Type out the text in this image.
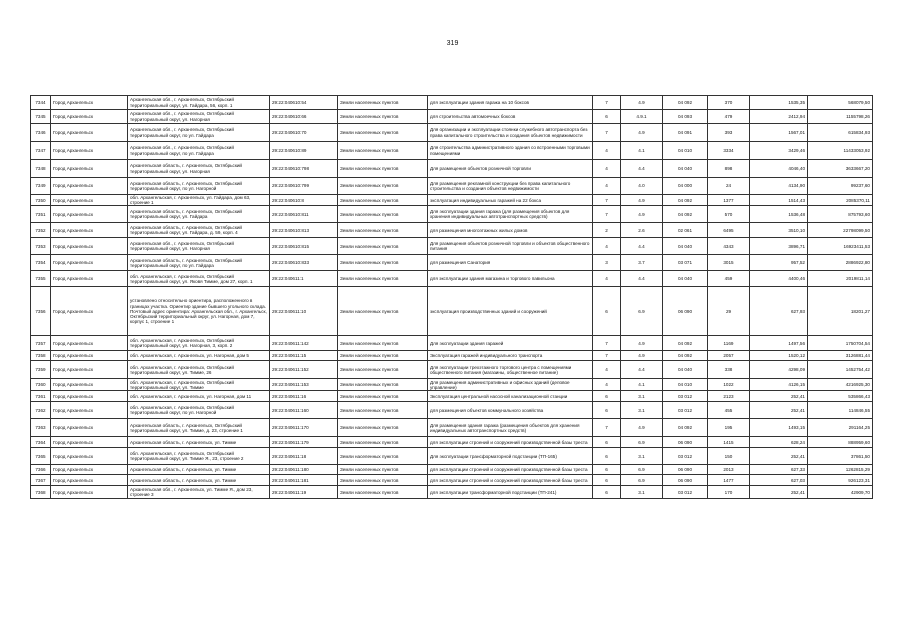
319
7344	Город Архангельск	Архангельская обл., г. Архангельск, Октябрьский территориальный округ, ул. Гайдара, 56, корп. 1	29:22:040610:54	Земли населенных пунктов	для эксплуатации здания гаража на 10 боксов	7	4.9	04 092	370	1535,35	568079,50
7345	Город Архангельск	Архангельская обл., г. Архангельск, Октябрьский территориальный округ, ул. Нагорная	29:22:040610:66	Земли населенных пунктов	для строительства автомоечных боксов	6	4.9.1	04 093	479	2412,94	1155798,26
7346	Город Архангельск	Архангельская обл., г. Архангельск, Октябрьский территориальный округ, по ул. Гайдара	29:22:040610:70	Земли населенных пунктов	Для организации и эксплуатации стоянки служебного автотранспорта без права капитального строительства и создания объектов недвижимости	7	4.9	04 091	393	1567,01	615834,93
7347	Город Архангельск	Архангельская обл., г. Архангельск, Октябрьский территориальный округ, по ул. Гайдара	29:22:040610:89	Земли населенных пунктов	Для строительства административного здания со встроенными торговыми помещениями	4	4.1	04 010	3334	3429,46	11433053,92
7348	Город Архангельск	Архангельская область, г. Архангельск, Октябрьский территориальный округ, ул. Нагорная	29:22:040610:798	Земли населенных пунктов	Для размещения объектов розничной торговли	4	4.4	04 040	898	4046,40	3633667,20
7349	Город Архангельск	Архангельская область, г. Архангельск, Октябрьский территориальный округ, по ул. Нагорной	29:22:040610:799	Земли населенных пунктов	Для размещения рекламной конструкции без права капитального строительства и создания объектов недвижимости	4	4.0	04 000	24	4134,90	99237,60
7350	Город Архангельск	обл. Архангельская, г. Архангельск, ул. Гайдара, дом 63, строение 1	29:22:040610:8	Земли населенных пунктов	эксплуатация индивидуальных гаражей на 22 бокса	7	4.9	04 092	1377	1514,43	2085370,11
7351	Город Архангельск	Архангельская область, г. Архангельск, Октябрьский территориальный округ, ул. Гайдара	29:22:040610:811	Земли населенных пунктов	Для эксплуатации здания гаража (для размещения объектов для хранения индивидуальных автотранспортных средств)	7	4.9	04 092	570	1536,48	875793,60
7352	Город Архангельск	Архангельская область, г. Архангельск, Октябрьский территориальный округ, ул. Гайдара, д. 59, корп. 4	29:22:040610:813	Земли населенных пунктов	для размещения многоэтажных жилых домов	2	2.6	02 061	6495	3510,10	22798099,50
7353	Город Архангельск	Архангельская обл., г. Архангельск, Октябрьский территориальный округ, ул. Нагорная	29:22:040610:815	Земли населенных пунктов	Для размещения объектов розничной торговли и объектов общественного питания	4	4.4	04 040	4343	3896,71	16923411,53
7354	Город Архангельск	Архангельская область, г. Архангельск, Октябрьский территориальный округ, по ул. Гайдара	29:22:040610:833	Земли населенных пунктов	для размещения Санатория	3	3.7	03 071	3015	957,52	2886922,80
7355	Город Архангельск	обл. Архангельская, г. Архангельск, Октябрьский территориальный округ, ул. Яковя Тимме, дом 27, корп. 1	29:22:040611:1	Земли населенных пунктов	для эксплуатации здания магазина и торгового павильона	4	4.4	04 040	459	4400,46	2019811,14
7356	Город Архангельск	установлено относительно ориентира, расположенного в границах участка. Ориентир здание бывшего угольного склада. Почтовый адрес ориентира: Архангельская обл., г. Архангельск, Октябрьский территориальный округ, ул. Нагорная, дом 7, корпус 1, строение 1	29:22:040611:10	Земли населенных пунктов	эксплуатация производственных зданий и сооружений	6	6.9	06 090	29	627,93	18201,27
7357	Город Архангельск	обл. Архангельская, г. Архангельск, Октябрьский территориальный округ, ул. Нагорная, 3, корп. 2	29:22:040611:142	Земли населенных пунктов	Для эксплуатации здания гаражей	7	4.9	04 092	1169	1497,56	1750704,54
7358	Город Архангельск	обл. Архангельская, г. Архангельск, ул. Нагорная, дом 5	29:22:040611:15	Земли населенных пунктов	Эксплуатация гаражей индивидуального транспорта	7	4.9	04 092	2057	1520,12	3126881,44
7359	Город Архангельск	обл. Архангельская, г. Архангельск, Октябрьский территориальный округ, ул. Тимме, 26	29:22:040611:152	Земли населенных пунктов	Для эксплуатации трехэтажного торгового центра с помещениями общественного питания (магазины, общественное питание)	4	4.4	04 040	338	4298,09	1452754,42
7360	Город Архангельск	обл. Архангельская, г. Архангельск, Октябрьский территориальный округ, ул. Тимме	29:22:040611:153	Земли населенных пунктов	Для размещения административных и офисных зданий (деловое управление)	4	4.1	04 010	1022	4126,15	4216925,30
7361	Город Архангельск	обл. Архангельская, г. Архангельск, ул. Нагорная, дом 11	29:22:040611:16	Земли населенных пунктов	Эксплуатация центральной насосной канализационной станции	6	3.1	03 012	2123	252,41	535866,43
7362	Город Архангельск	обл. Архангельская, г. Архангельск, Октябрьский территориальный округ, по ул. Нагорной	29:22:040611:160	Земли населенных пунктов	для размещения объектов коммунального хозяйства	6	3.1	03 012	455	252,41	114846,55
7363	Город Архангельск	Архангельская область, г. Архангельск, Октябрьский территориальный округ, ул. Тимме, д. 23, строение 1	29:22:040611:170	Земли населенных пунктов	Для размещения здания гаража (размещения объектов для хранения индивидуальных автотранспортных средств)	7	4.9	04 092	195	1493,15	291164,25
7364	Город Архангельск	Архангельская область, г. Архангельск, ул. Тимме	29:22:040611:179	Земли населенных пунктов	для эксплуатации строений и сооружений производственной базы треста	6	6.9	06 090	1415	628,24	888959,60
7365	Город Архангельск	обл. Архангельская, г. Архангельск, Октябрьский территориальный округ, ул. Тимме Я., 23, строение 2	29:22:040611:18	Земли населенных пунктов	Для эксплуатации трансформаторной подстанции (ТП-165)	6	3.1	03 012	150	252,41	37861,50
7366	Город Архангельск	Архангельская область, г. Архангельск, ул. Тимме	29:22:040611:180	Земли населенных пунктов	для эксплуатации строений и сооружений производственной базы треста	6	6.9	06 090	2013	627,33	1262815,29
7367	Город Архангельск	Архангельская область, г. Архангельск, ул. Тимме	29:22:040611:181	Земли населенных пунктов	для эксплуатации строений и сооружений производственной базы треста	6	6.9	06 090	1477	627,03	926123,31
7368	Город Архангельск	Архангельская обл., г. Архангельск, ул. Тимме Я., дом 23, строение 3	29:22:040611:19	Земли населенных пунктов	для эксплуатации трансформаторной подстанции (ТП-241)	6	3.1	03 012	170	252,41	42909,70
